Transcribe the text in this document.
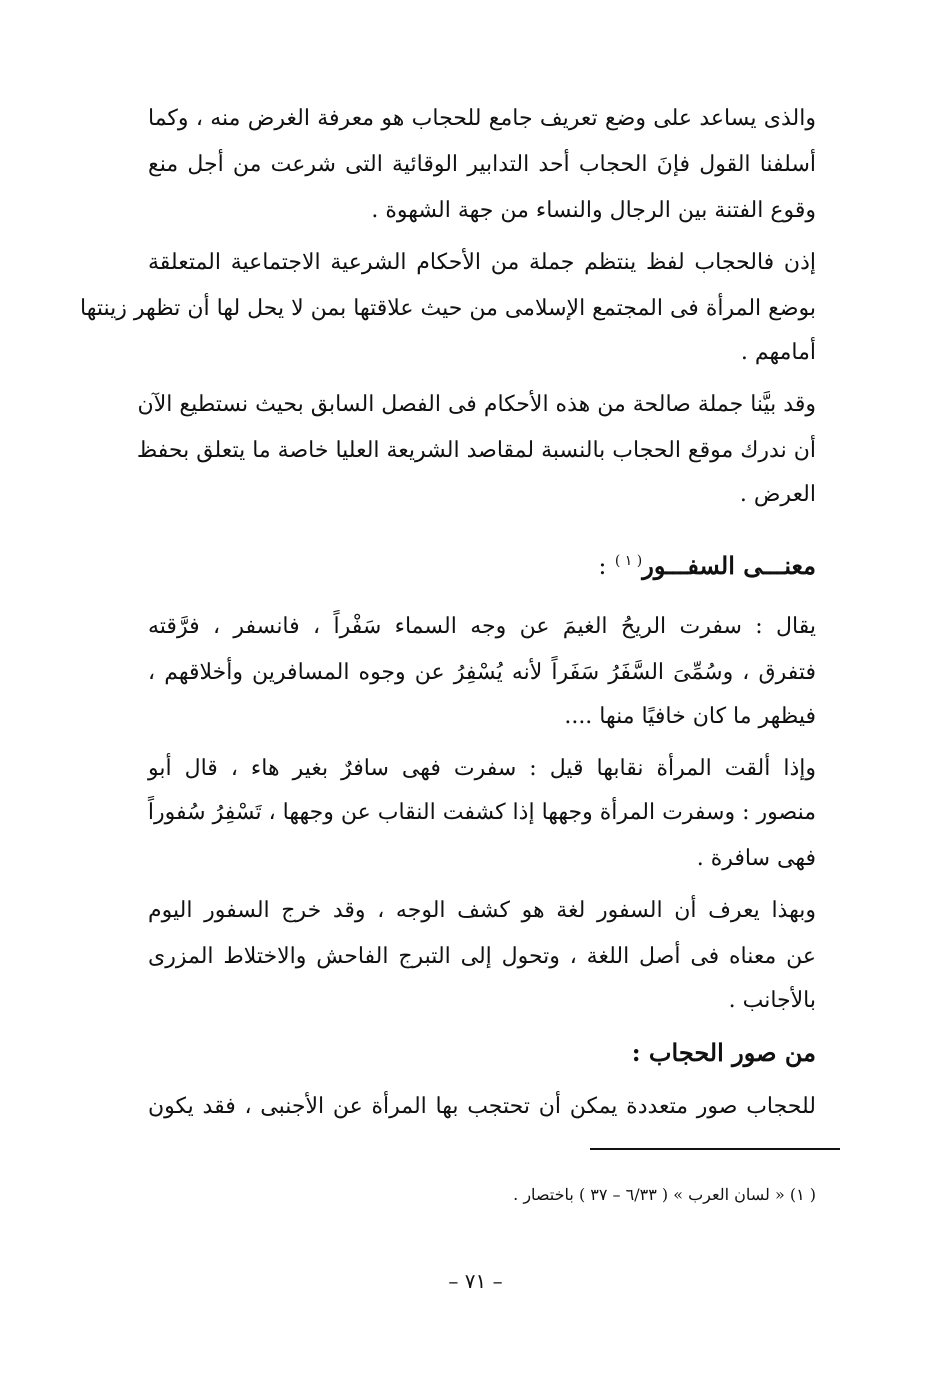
والذى يساعد على وضع تعريف جامع للحجاب هو معرفة الغرض منه ، وكما
أسلفنا القول فإنَ الحجاب أحد التدابير الوقائية التى شرعت من أجل منع
وقوع الفتنة بين الرجال والنساء من جهة الشهوة .
إذن فالحجاب لفظ ينتظم جملة من الأحكام الشرعية الاجتماعية المتعلقة
بوضع المرأة فى المجتمع الإسلامى من حيث علاقتها بمن لا يحل لها أن تظهر زينتها
أمامهم .
وقد بيَّنا جملة صالحة من هذه الأحكام فى الفصل السابق بحيث نستطيع الآن
أن ندرك موقع الحجاب بالنسبة لمقاصد الشريعة العليا خاصة ما يتعلق بحفظ
العرض .
معنـــى السفـــور$^{( ١ )}$ :
يقال : سفرت الريحُ الغيمَ عن وجه السماء سَفْراً ، فانسفر ، فرَّقته
فتفرق ، وسُمِّىَ السَّفَرُ سَفَراً لأنه يُسْفِرُ عن وجوه المسافرين وأخلاقهم ،
فيظهر ما كان خافيًا منها ....
وإذا ألقت المرأة نقابها قيل : سفرت فهى سافرٌ بغير هاء ، قال أبو
منصور : وسفرت المرأة وجهها إذا كشفت النقاب عن وجهها ، تَسْفِرُ سُفوراً
فهى سافرة .
وبهذا يعرف أن السفور لغة هو كشف الوجه ، وقد خرج السفور اليوم
عن معناه فى أصل اللغة ، وتحول إلى التبرج الفاحش والاختلاط المزرى
بالأجانب .
من صور الحجاب :
للحجاب صور متعددة يمكن أن تحتجب بها المرأة عن الأجنبى ، فقد يكون
( ١) « لسان العرب » ( ٦/٣٣ – ٣٧ ) باختصار .
– ٧١ –
